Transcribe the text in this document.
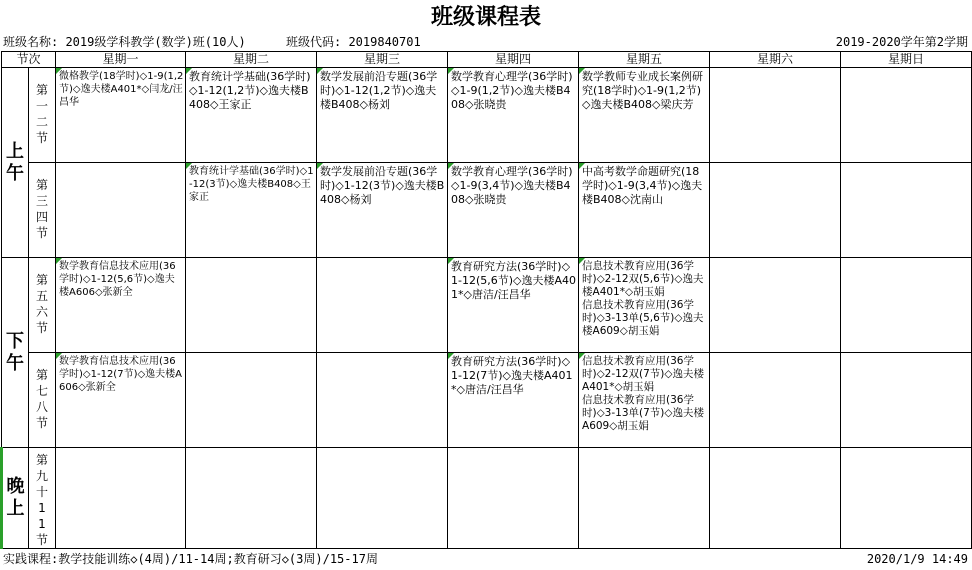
班级课程表
班级名称: 2019级学科教学(数学)班(10人)	班级代码: 2019840701	2019-2020学年第2学期
节次		星期一	星期二	星期三	星期四	星期五	星期六	星期日

上午	第一二节	微格教学(18学时)◇1-9(1,2节)◇逸夫楼A401*◇闫龙/汪昌华	教育统计学基础(36学时)◇1-12(1,2节)◇逸夫楼B408◇王家正	数学发展前沿专题(36学时)◇1-12(1,2节)◇逸夫楼B408◇杨刘	数学教育心理学(36学时)◇1-9(1,2节)◇逸夫楼B408◇张晓贵	数学教师专业成长案例研究(18学时)◇1-9(1,2节)◇逸夫楼B408◇梁庆芳		

	第三四节		教育统计学基础(36学时)◇1-12(3节)◇逸夫楼B408◇王家正	数学发展前沿专题(36学时)◇1-12(3节)◇逸夫楼B408◇杨刘	数学教育心理学(36学时)◇1-9(3,4节)◇逸夫楼B408◇张晓贵	中高考数学命题研究(18学时)◇1-9(3,4节)◇逸夫楼B408◇沈南山		

下午	第五六节	数学教育信息技术应用(36学时)◇1-12(5,6节)◇逸夫楼A606◇张新全			教育研究方法(36学时)◇1-12(5,6节)◇逸夫楼A401*◇唐洁/汪昌华	信息技术教育应用(36学时)◇2-12双(5,6节)◇逸夫楼A401*◇胡玉娟

信息技术教育应用(36学时)◇3-13单(5,6节)◇逸夫楼A609◇胡玉娟		

	第七八节	数学教育信息技术应用(36学时)◇1-12(7节)◇逸夫楼A606◇张新全			教育研究方法(36学时)◇1-12(7节)◇逸夫楼A401*◇唐洁/汪昌华	信息技术教育应用(36学时)◇2-12双(7节)◇逸夫楼A401*◇胡玉娟

信息技术教育应用(36学时)◇3-13单(7节)◇逸夫楼A609◇胡玉娟		

晚上	第九十11节							

实践课程:教学技能训练◇(4周)/11-14周;教育研习◇(3周)/15-17周	2020/1/9 14:49
